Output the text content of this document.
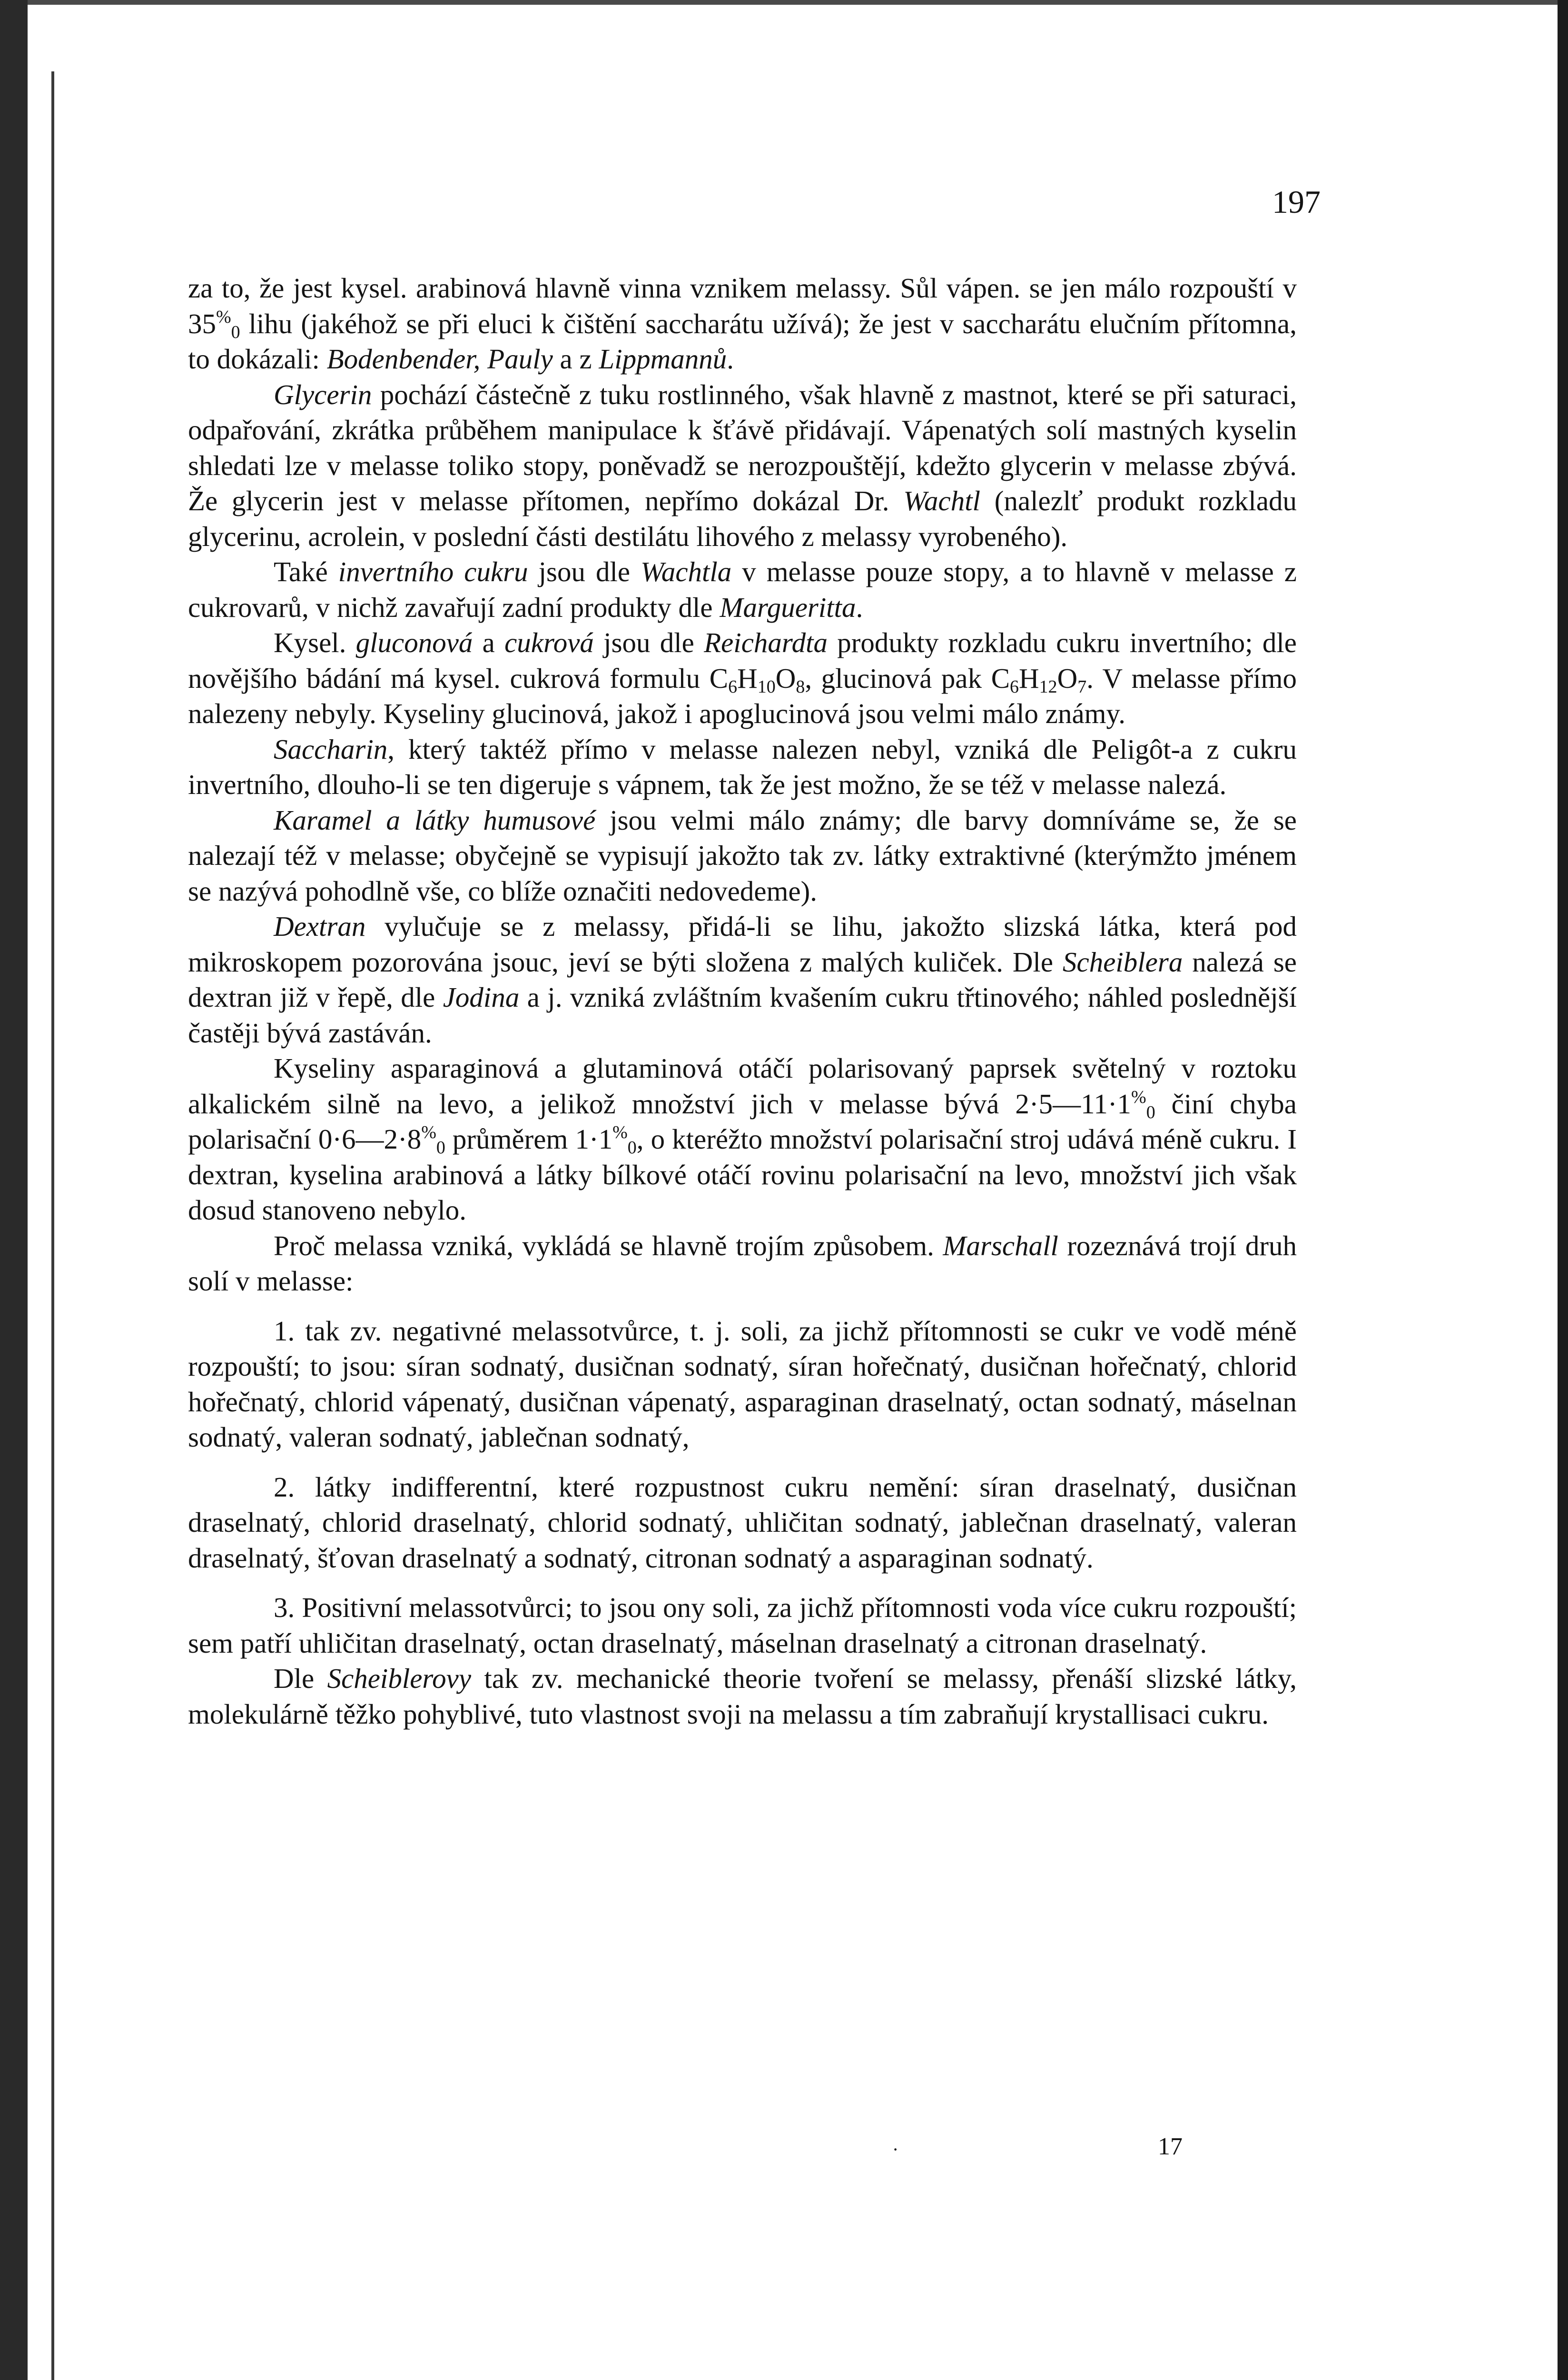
197

za to, že jest kysel. arabinová hlavně vinna vznikem melassy. Sůl vápen. se jen málo rozpouští v $35^{\%}_0$ lihu (jakéhož se při eluci k čištění saccharátu užívá); že jest v saccharátu elučním přítomna, to dokázali: Bodenbender, Pauly a z Lippmannů.

Glycerin pochází částečně z tuku rostlinného, však hlavně z mastnot, které se při saturaci, odpařování, zkrátka průběhem manipulace k šťávě přidávají. Vápenatých solí mastných kyselin shledati lze v melasse toliko stopy, poněvadž se nerozpouštějí, kdežto glycerin v melasse zbývá. Že glycerin jest v melasse přítomen, nepřímo dokázal Dr. Wachtl (nalezlť produkt rozkladu glycerinu, acrolein, v poslední části destilátu lihového z melassy vyrobeného).

Také invertního cukru jsou dle Wachtla v melasse pouze stopy, a to hlavně v melasse z cukrovarů, v nichž zavařují zadní produkty dle Margueritta.

Kysel. gluconová a cukrová jsou dle Reichardta produkty rozkladu cukru invertního; dle novějšího bádání má kysel. cukrová formulu $C_6H_{10}O_8$, glucinová pak $C_6H_{12}O_7$. V melasse přímo nalezeny nebyly. Kyseliny glucinová, jakož i apoglucinová jsou velmi málo známy.

Saccharin, který taktéž přímo v melasse nalezen nebyl, vzniká dle Peligôt-a z cukru invertního, dlouho-li se ten digeruje s vápnem, tak že jest možno, že se též v melasse nalezá.

Karamel a látky humusové jsou velmi málo známy; dle barvy domníváme se, že se nalezají též v melasse; obyčejně se vypisují jakožto tak zv. látky extraktivné (kterýmžto jménem se nazývá pohodlně vše, co blíže označiti nedovedeme).

Dextran vylučuje se z melassy, přidá-li se lihu, jakožto slizská látka, která pod mikroskopem pozorována jsouc, jeví se býti složena z malých kuliček. Dle Scheiblera nalezá se dextran již v řepě, dle Jodina a j. vzniká zvláštním kvašením cukru třtinového; náhled poslednější častěji bývá zastáván.

Kyseliny asparaginová a glutaminová otáčí polarisovaný paprsek světelný v roztoku alkalickém silně na levo, a jelikož množství jich v melasse bývá $2\cdot 5—11\cdot 1^{\%}_0$ činí chyba polarisační $0\cdot 6—2\cdot 8^{\%}_0$ průměrem $1\cdot 1^{\%}_0$, o kteréžto množství polarisační stroj udává méně cukru. I dextran, kyselina arabinová a látky bílkové otáčí rovinu polarisační na levo, množství jich však dosud stanoveno nebylo.

Proč melassa vzniká, vykládá se hlavně trojím způsobem. Marschall rozeznává trojí druh solí v melasse:

1. tak zv. negativné melassotvůrce, t. j. soli, za jichž přítomnosti se cukr ve vodě méně rozpouští; to jsou: síran sodnatý, dusičnan sodnatý, síran hořečnatý, dusičnan hořečnatý, chlorid hořečnatý, chlorid vápenatý, dusičnan vápenatý, asparaginan draselnatý, octan sodnatý, máselnan sodnatý, valeran sodnatý, jablečnan sodnatý,

2. látky indifferentní, které rozpustnost cukru nemění: síran draselnatý, dusičnan draselnatý, chlorid draselnatý, chlorid sodnatý, uhličitan sodnatý, jablečnan draselnatý, valeran draselnatý, šťovan draselnatý a sodnatý, citronan sodnatý a asparaginan sodnatý.

3. Positivní melassotvůrci; to jsou ony soli, za jichž přítomnosti voda více cukru rozpouští; sem patří uhličitan draselnatý, octan draselnatý, máselnan draselnatý a citronan draselnatý.

Dle Scheiblerovy tak zv. mechanické theorie tvoření se melassy, přenáší slizské látky, molekulárně těžko pohyblivé, tuto vlastnost svoji na melassu a tím zabraňují krystallisaci cukru.

·	17
